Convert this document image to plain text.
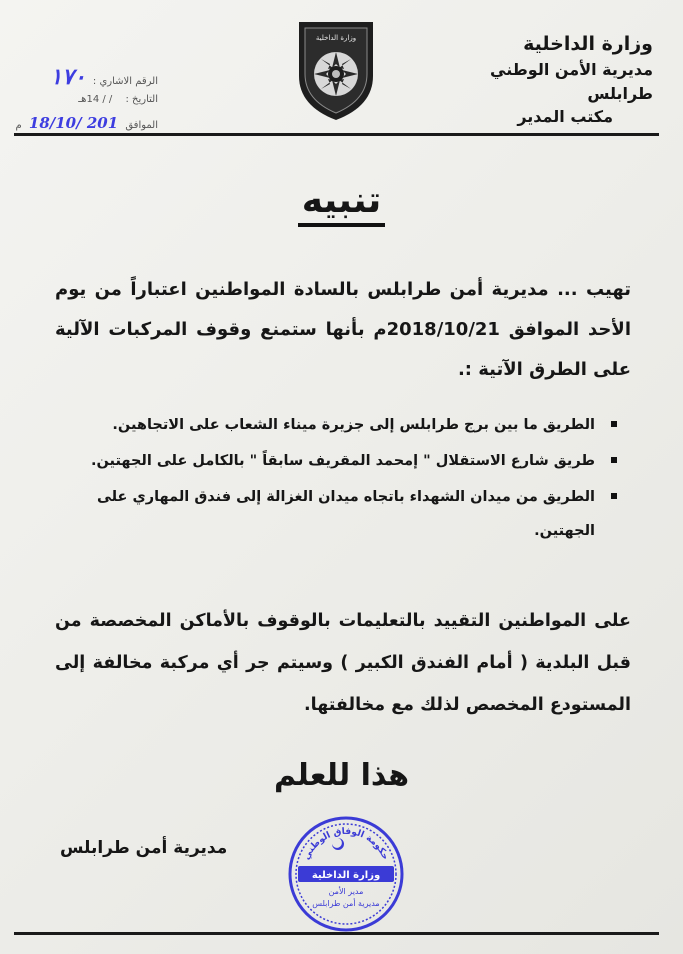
وزارة الداخلية
مديرية الأمن الوطني طرابلس
مكتب المدير
وزارة الداخلية
الرقم الاشاري : ١٧٠
التاريخ : / / 14هـ
الموافق 18/10/ 201 م
تنبيه
تهيب ... مديرية أمن طرابلس بالسادة المواطنين اعتباراً من يوم الأحد الموافق 2018/10/21م بأنها ستمنع وقوف المركبات الآلية على الطرق الآتية :.
الطريق ما بين برج طرابلس إلى جزيرة ميناء الشعاب على الاتجاهين.
طريق شارع الاستقلال " إمحمد المقريف سابقاً " بالكامل على الجهتين.
الطريق من ميدان الشهداء باتجاه ميدان الغزالة إلى فندق المهاري على الجهتين.
على المواطنين التقييد بالتعليمات بالوقوف بالأماكن المخصصة من قبل البلدية ( أمام الفندق الكبير ) وسيتم جر أي مركبة مخالفة إلى المستودع المخصص لذلك مع مخالفتها.
هذا للعلم
مديرية أمن طرابلس	حكومة الوفاق الوطني
وزارة الداخلية
مدير الأمن
مديرية أمن طرابلس
